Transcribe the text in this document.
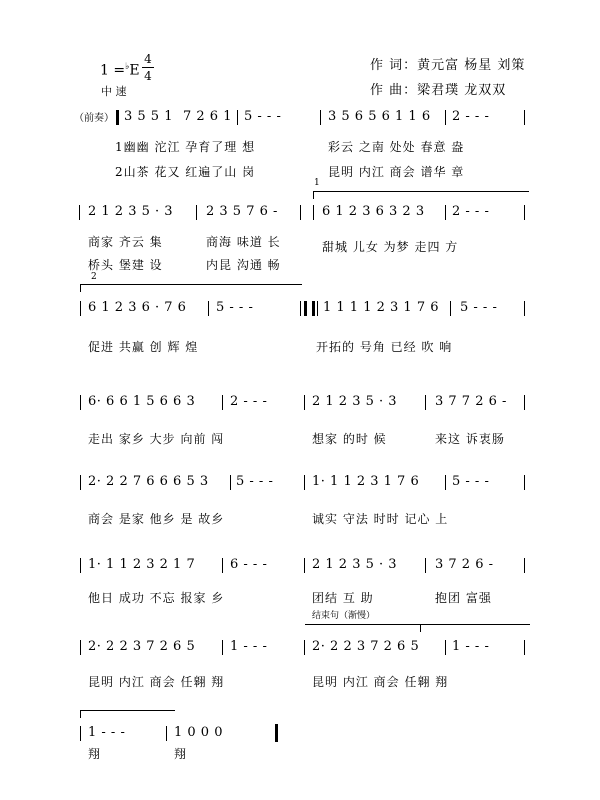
1 =♭E
4
4
中 速
作 词：黄元富 杨星 刘策
作 曲：梁君璞 龙双双
（前奏） 3 5 5 1 7 2 6 1 5 - - -	3 5 6 5 6 1 1 6 2 - - -
1幽幽 沱江 孕育了理 想	彩云 之南 处处 春意 盎
2山茶 花又 红遍了山 岗	昆明 内江 商会 谱华 章
1
2 1 2 3 5 · 3	2 3 5 7 6 -	6 1 2 3 6 3 2 3 2 - - -
商家 齐云 集	商海 味道 长	甜城 儿女 为梦 走四 方
桥头 堡建 设	内昆 沟通 畅
2
6 1 2 3 6 · 7 6 5 - - -	1 1 1 1 2 3 1 7 6 5 - - -
促进 共赢 创 辉 煌	开拓的 号角 已经 吹 响
6· 6 6 1 5 6 6 3	2 - - -	2 1 2 3 5 · 3	3 7 7 2 6 -
走出 家乡 大步 向前 闯	想家 的时 候	来这 诉衷肠
2· 2 2 7 6 6 6 5 3 5 - - -	1· 1 1 2 3 1 7 6	5 - - -
商会 是家 他乡 是 故乡	诚实 守法 时时 记心 上
1· 1 1 2 3 2 1 7	6 - - -	2 1 2 3 5 · 3	3 7 2 6 -
他日 成功 不忘 报家 乡	团结 互 助	抱团 富强
结束句（渐慢）
2· 2 2 3 7 2 6 5	1 - - -	2· 2 2 3 7 2 6 5	1 - - -
昆明 内江 商会 任翱 翔	昆明 内江 商会 任翱 翔
1 - - -	1 0 0 0
翔	翔
